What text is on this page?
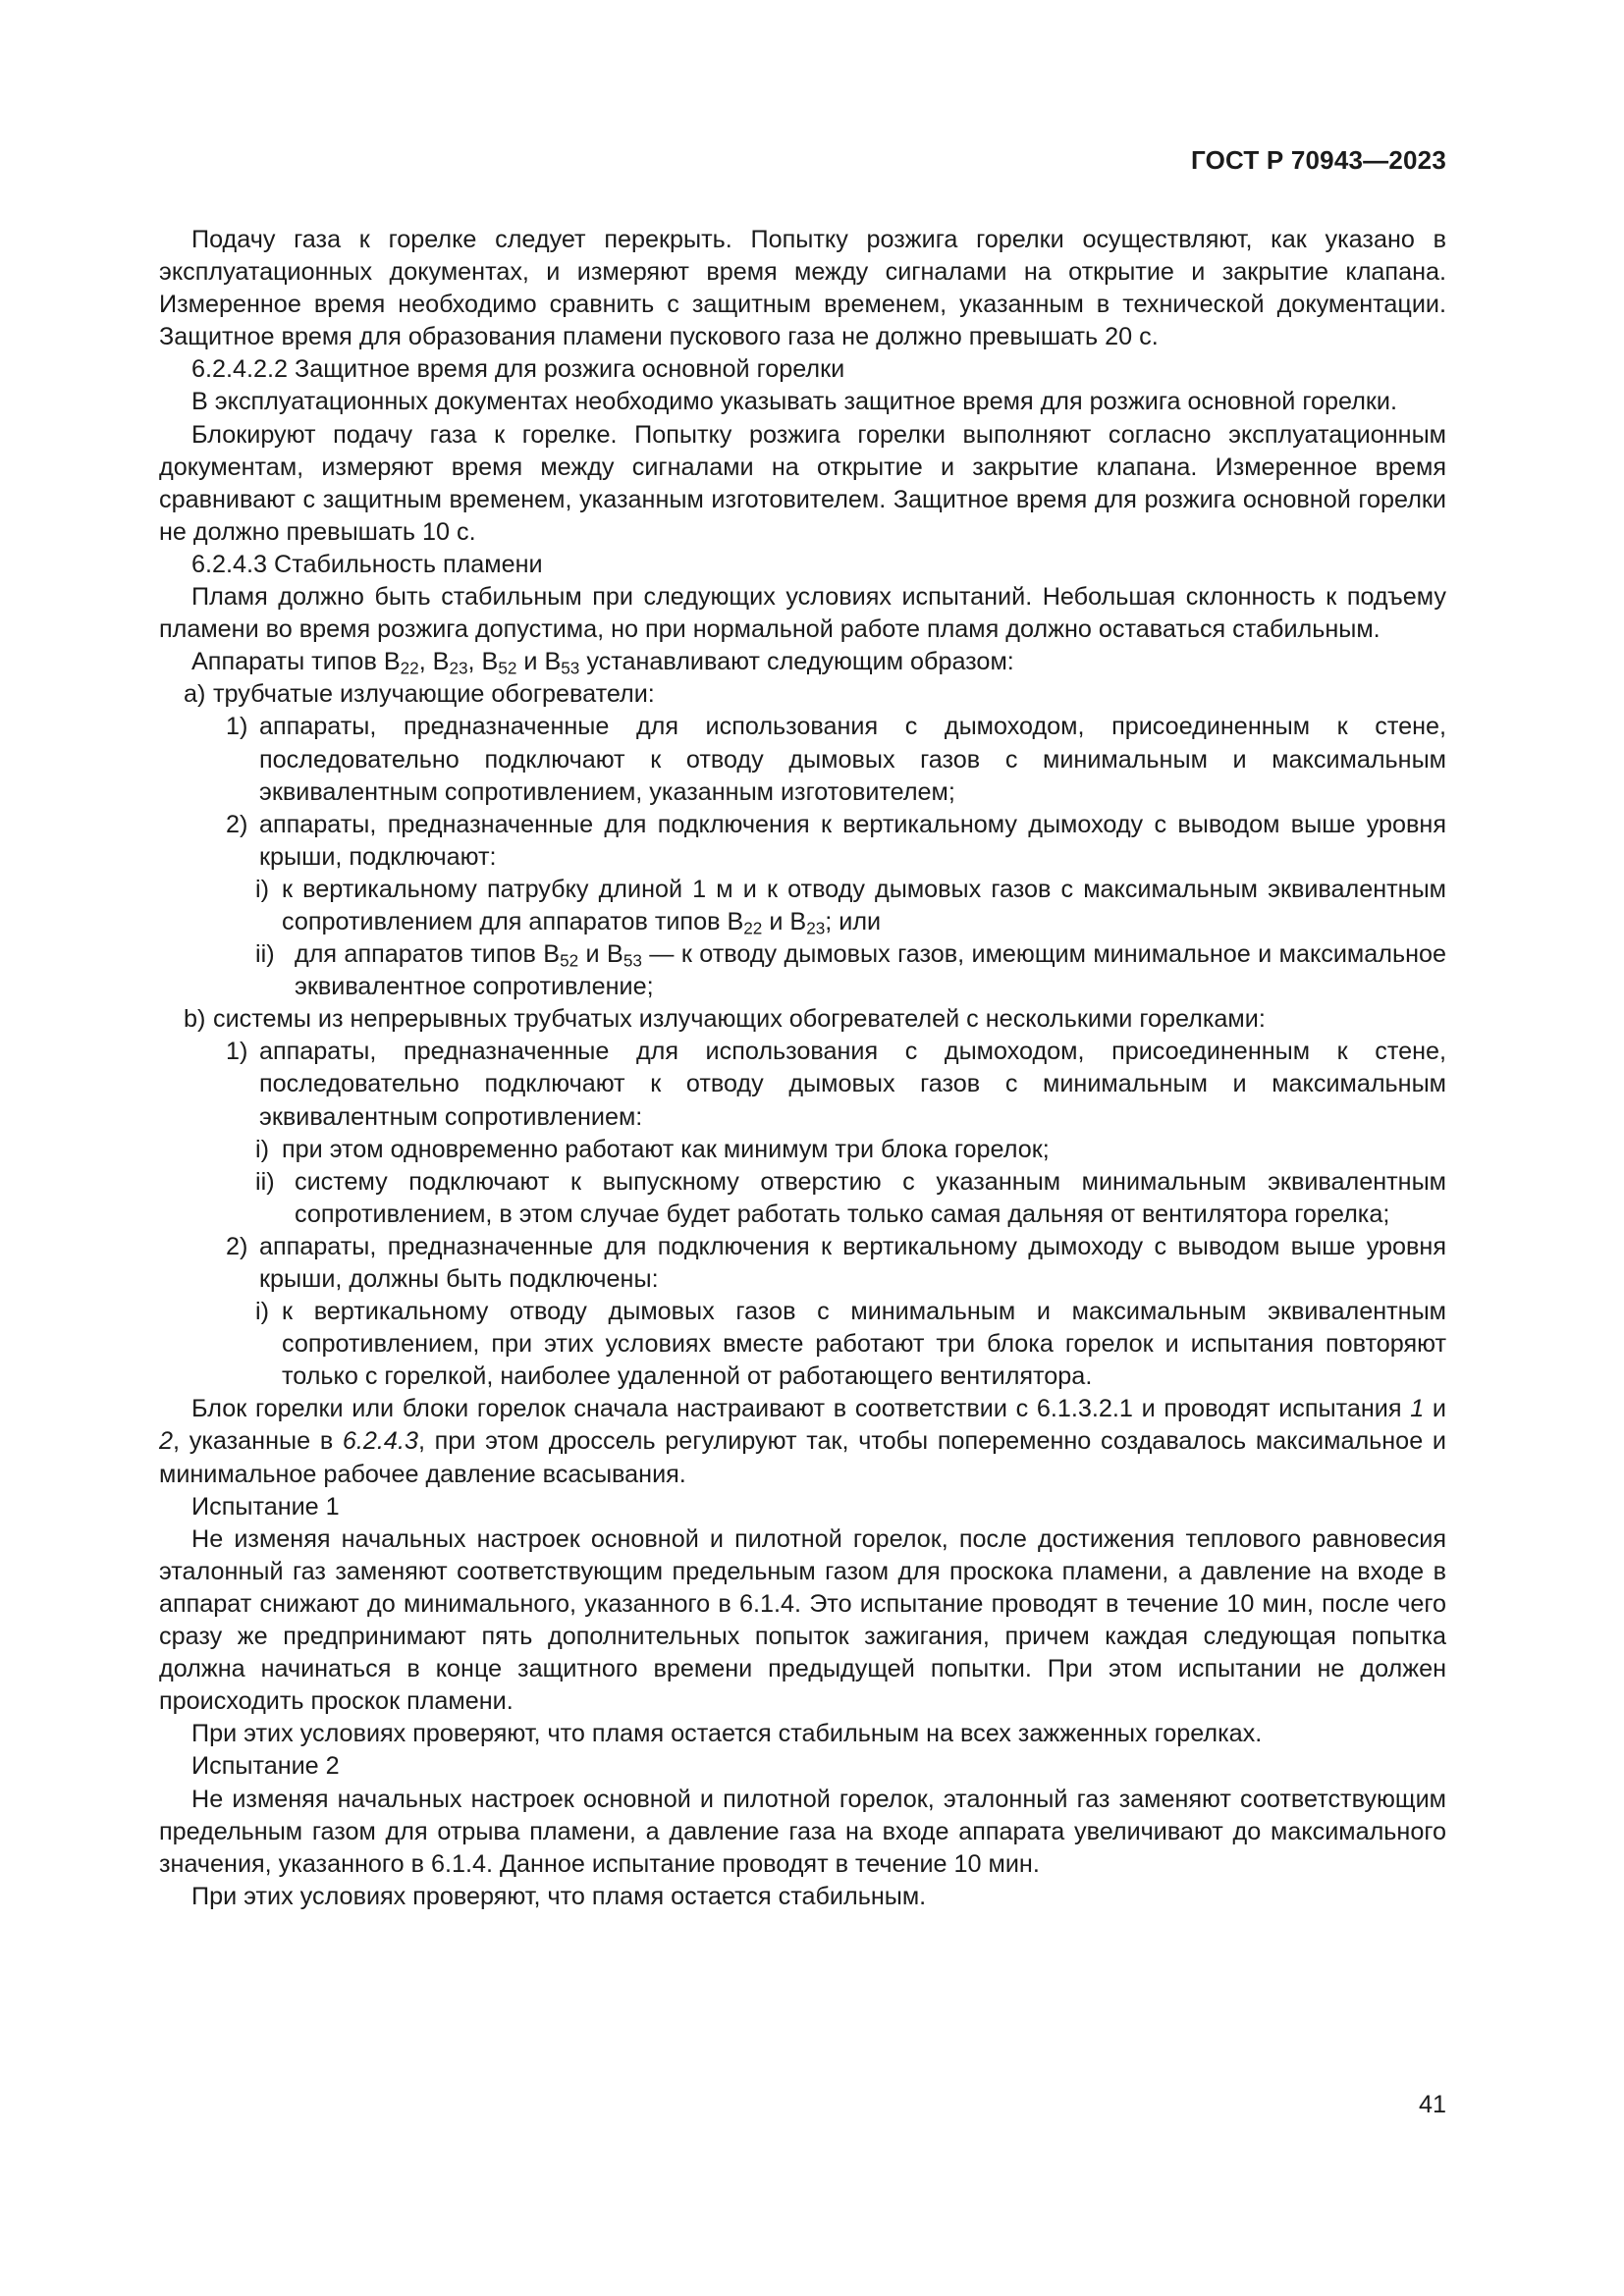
ГОСТ Р 70943—2023
Подачу газа к горелке следует перекрыть. Попытку розжига горелки осуществляют, как указано в эксплуатационных документах, и измеряют время между сигналами на открытие и закрытие клапана. Измеренное время необходимо сравнить с защитным временем, указанным в технической документации. Защитное время для образования пламени пускового газа не должно превышать 20 с.
6.2.4.2.2 Защитное время для розжига основной горелки
В эксплуатационных документах необходимо указывать защитное время для розжига основной горелки.
Блокируют подачу газа к горелке. Попытку розжига горелки выполняют согласно эксплуатационным документам, измеряют время между сигналами на открытие и закрытие клапана. Измеренное время сравнивают с защитным временем, указанным изготовителем. Защитное время для розжига основной горелки не должно превышать 10 с.
6.2.4.3 Стабильность пламени
Пламя должно быть стабильным при следующих условиях испытаний. Небольшая склонность к подъему пламени во время розжига допустима, но при нормальной работе пламя должно оставаться стабильным.
Аппараты типов $B_{22}$, $B_{23}$, $B_{52}$ и $B_{53}$ устанавливают следующим образом:
a) трубчатые излучающие обогреватели:
1) аппараты, предназначенные для использования с дымоходом, присоединенным к стене, последовательно подключают к отводу дымовых газов с минимальным и максимальным эквивалентным сопротивлением, указанным изготовителем;
2) аппараты, предназначенные для подключения к вертикальному дымоходу с выводом выше уровня крыши, подключают:
i) к вертикальному патрубку длиной 1 м и к отводу дымовых газов с максимальным эквивалентным сопротивлением для аппаратов типов $B_{22}$ и $B_{23}$; или
ii) для аппаратов типов $B_{52}$ и $B_{53}$ — к отводу дымовых газов, имеющим минимальное и максимальное эквивалентное сопротивление;
b) системы из непрерывных трубчатых излучающих обогревателей с несколькими горелками:
1) аппараты, предназначенные для использования с дымоходом, присоединенным к стене, последовательно подключают к отводу дымовых газов с минимальным и максимальным эквивалентным сопротивлением:
i) при этом одновременно работают как минимум три блока горелок;
ii) систему подключают к выпускному отверстию с указанным минимальным эквивалентным сопротивлением, в этом случае будет работать только самая дальняя от вентилятора горелка;
2) аппараты, предназначенные для подключения к вертикальному дымоходу с выводом выше уровня крыши, должны быть подключены:
i) к вертикальному отводу дымовых газов с минимальным и максимальным эквивалентным сопротивлением, при этих условиях вместе работают три блока горелок и испытания повторяют только с горелкой, наиболее удаленной от работающего вентилятора.
Блок горелки или блоки горелок сначала настраивают в соответствии с 6.1.3.2.1 и проводят испытания 1 и 2, указанные в 6.2.4.3, при этом дроссель регулируют так, чтобы попеременно создавалось максимальное и минимальное рабочее давление всасывания.
Испытание 1
Не изменяя начальных настроек основной и пилотной горелок, после достижения теплового равновесия эталонный газ заменяют соответствующим предельным газом для проскока пламени, а давление на входе в аппарат снижают до минимального, указанного в 6.1.4. Это испытание проводят в течение 10 мин, после чего сразу же предпринимают пять дополнительных попыток зажигания, причем каждая следующая попытка должна начинаться в конце защитного времени предыдущей попытки. При этом испытании не должен происходить проскок пламени.
При этих условиях проверяют, что пламя остается стабильным на всех зажженных горелках.
Испытание 2
Не изменяя начальных настроек основной и пилотной горелок, эталонный газ заменяют соответствующим предельным газом для отрыва пламени, а давление газа на входе аппарата увеличивают до максимального значения, указанного в 6.1.4. Данное испытание проводят в течение 10 мин.
При этих условиях проверяют, что пламя остается стабильным.
41
